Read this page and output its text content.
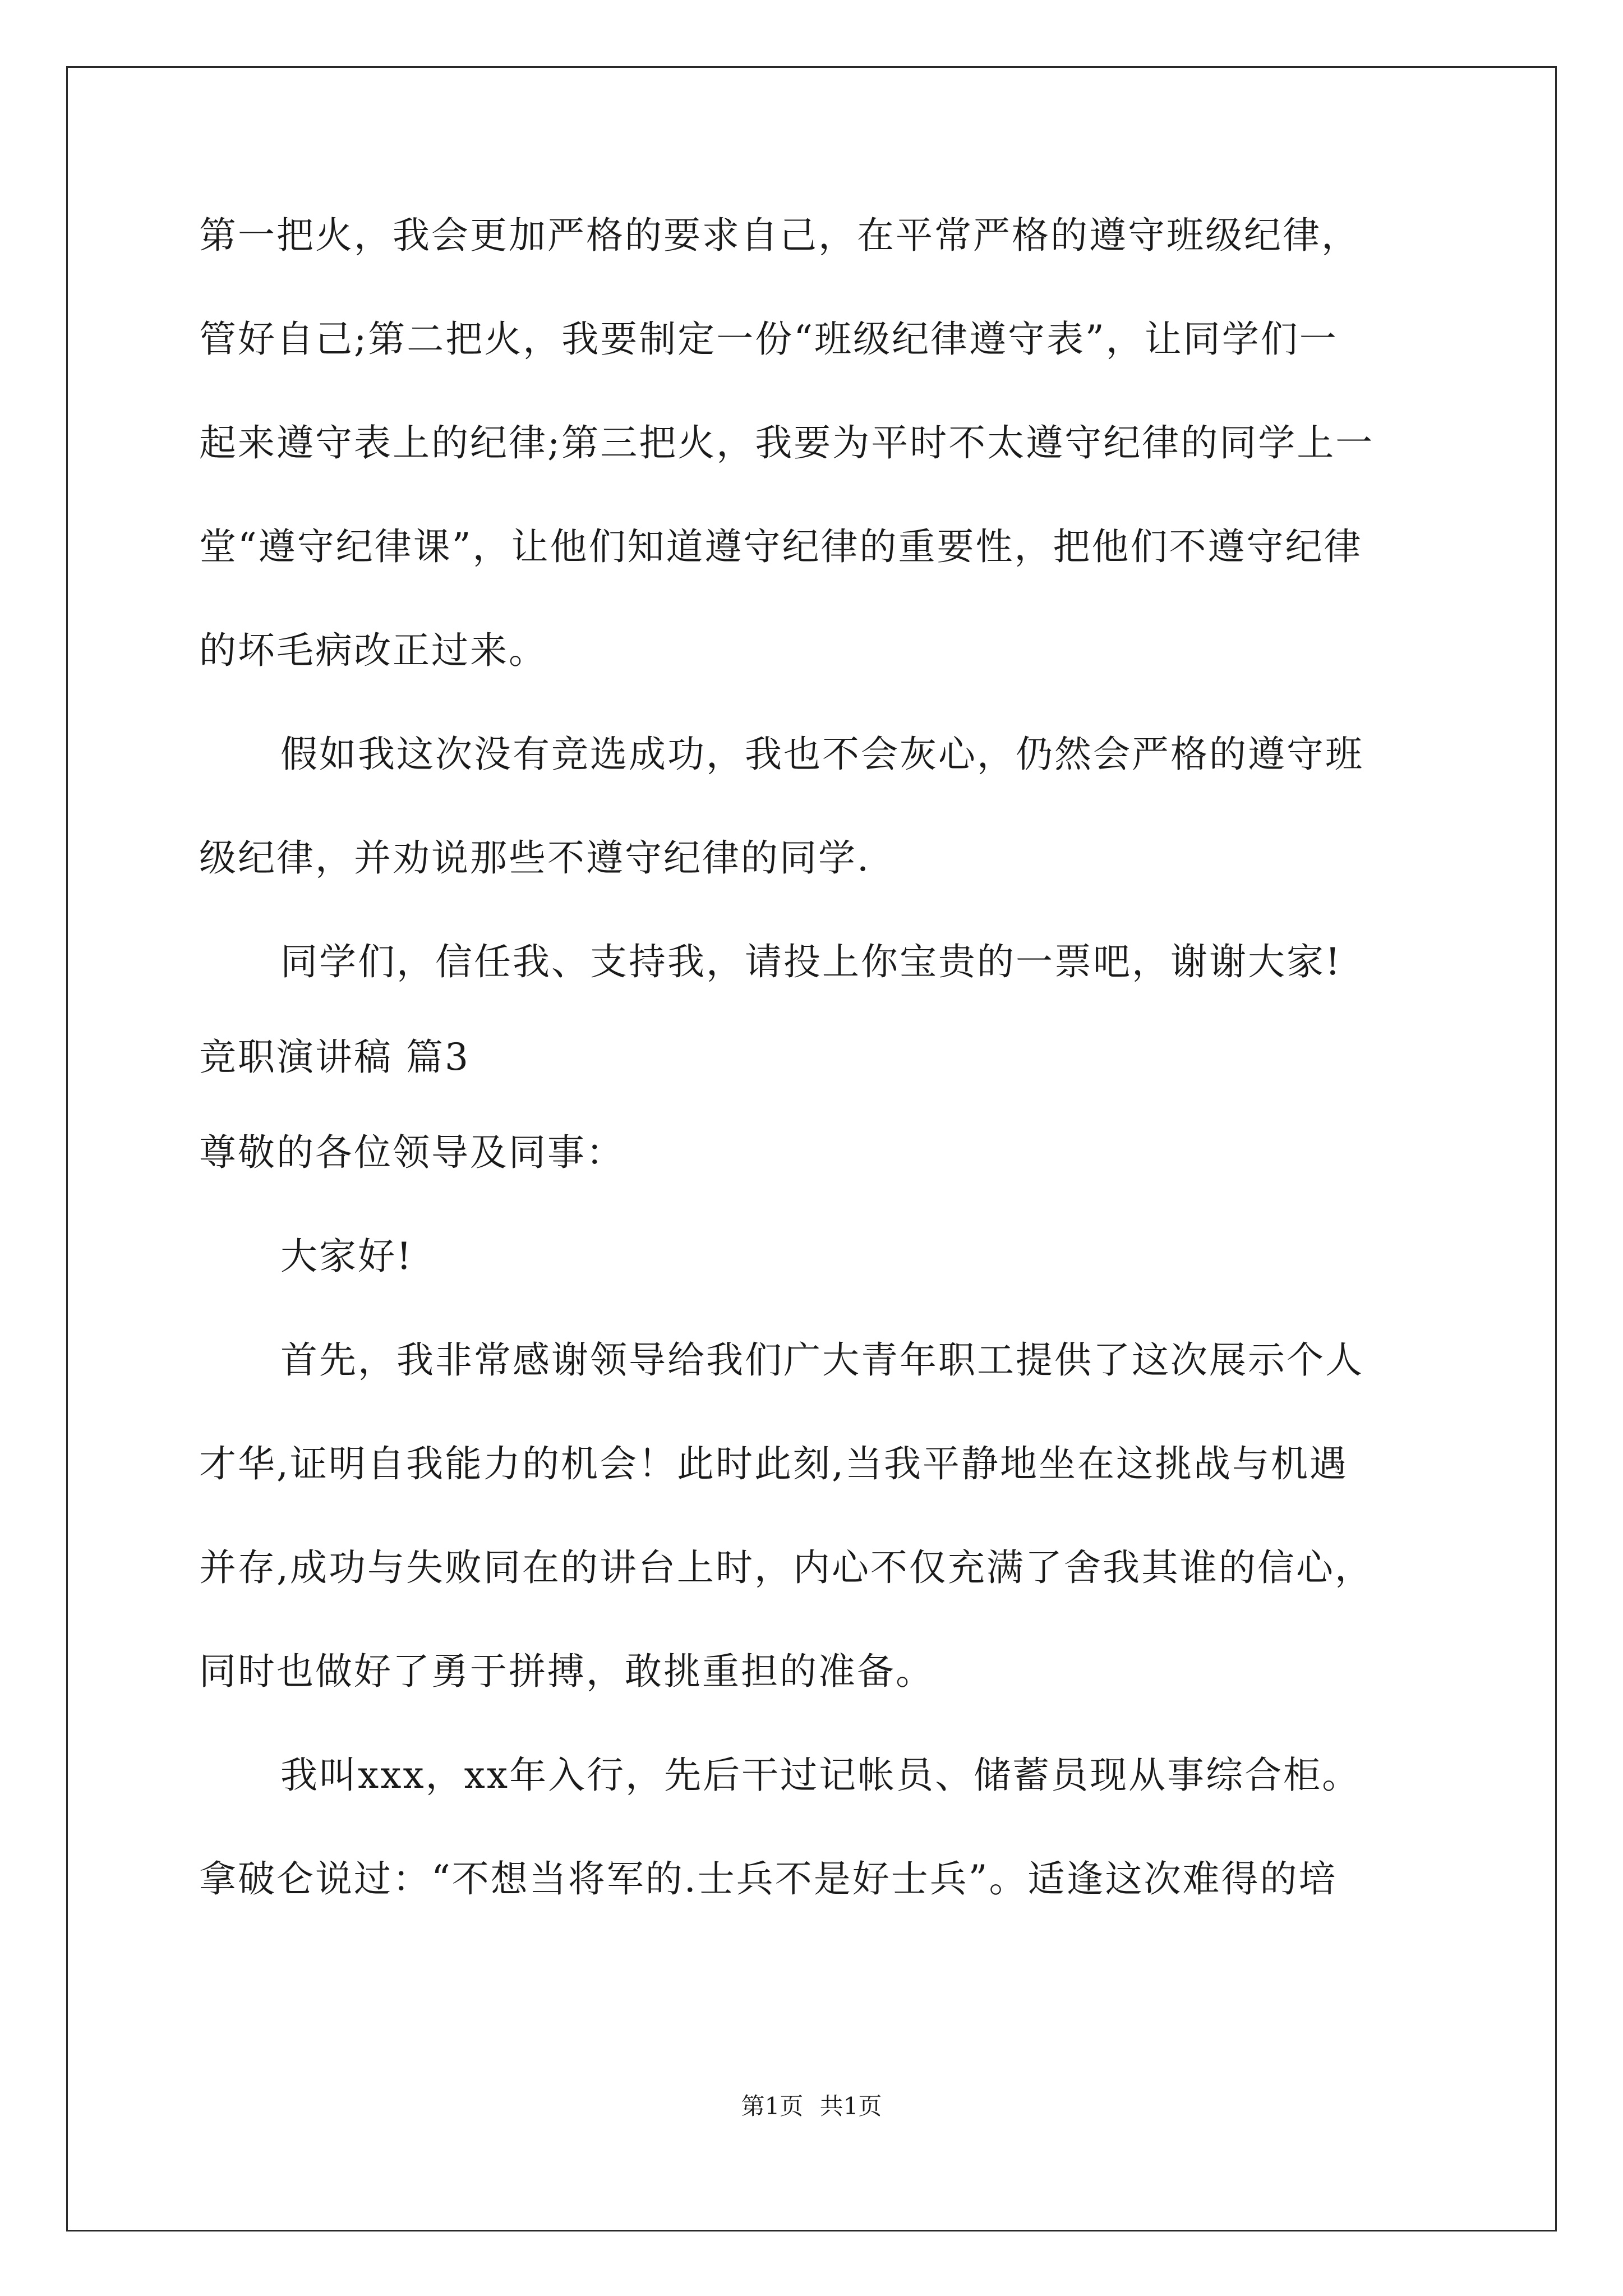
第一把火，我会更加严格的要求自己，在平常严格的遵守班级纪律，
管好自己;第二把火，我要制定一份“班级纪律遵守表”，让同学们一
起来遵守表上的纪律;第三把火，我要为平时不太遵守纪律的同学上一
堂“遵守纪律课”，让他们知道遵守纪律的重要性，把他们不遵守纪律
的坏毛病改正过来。
假如我这次没有竞选成功，我也不会灰心，仍然会严格的遵守班
级纪律，并劝说那些不遵守纪律的同学.
同学们，信任我、支持我，请投上你宝贵的一票吧，谢谢大家!
竞职演讲稿 篇3
尊敬的各位领导及同事：
大家好!
首先，我非常感谢领导给我们广大青年职工提供了这次展示个人
才华,证明自我能力的机会！此时此刻,当我平静地坐在这挑战与机遇
并存,成功与失败同在的讲台上时，内心不仅充满了舍我其谁的信心，
同时也做好了勇于拼搏，敢挑重担的准备。
我叫xxx，xx年入行，先后干过记帐员、储蓄员现从事综合柜。
拿破仑说过：“不想当将军的.士兵不是好士兵”。适逢这次难得的培
第1页 共1页
